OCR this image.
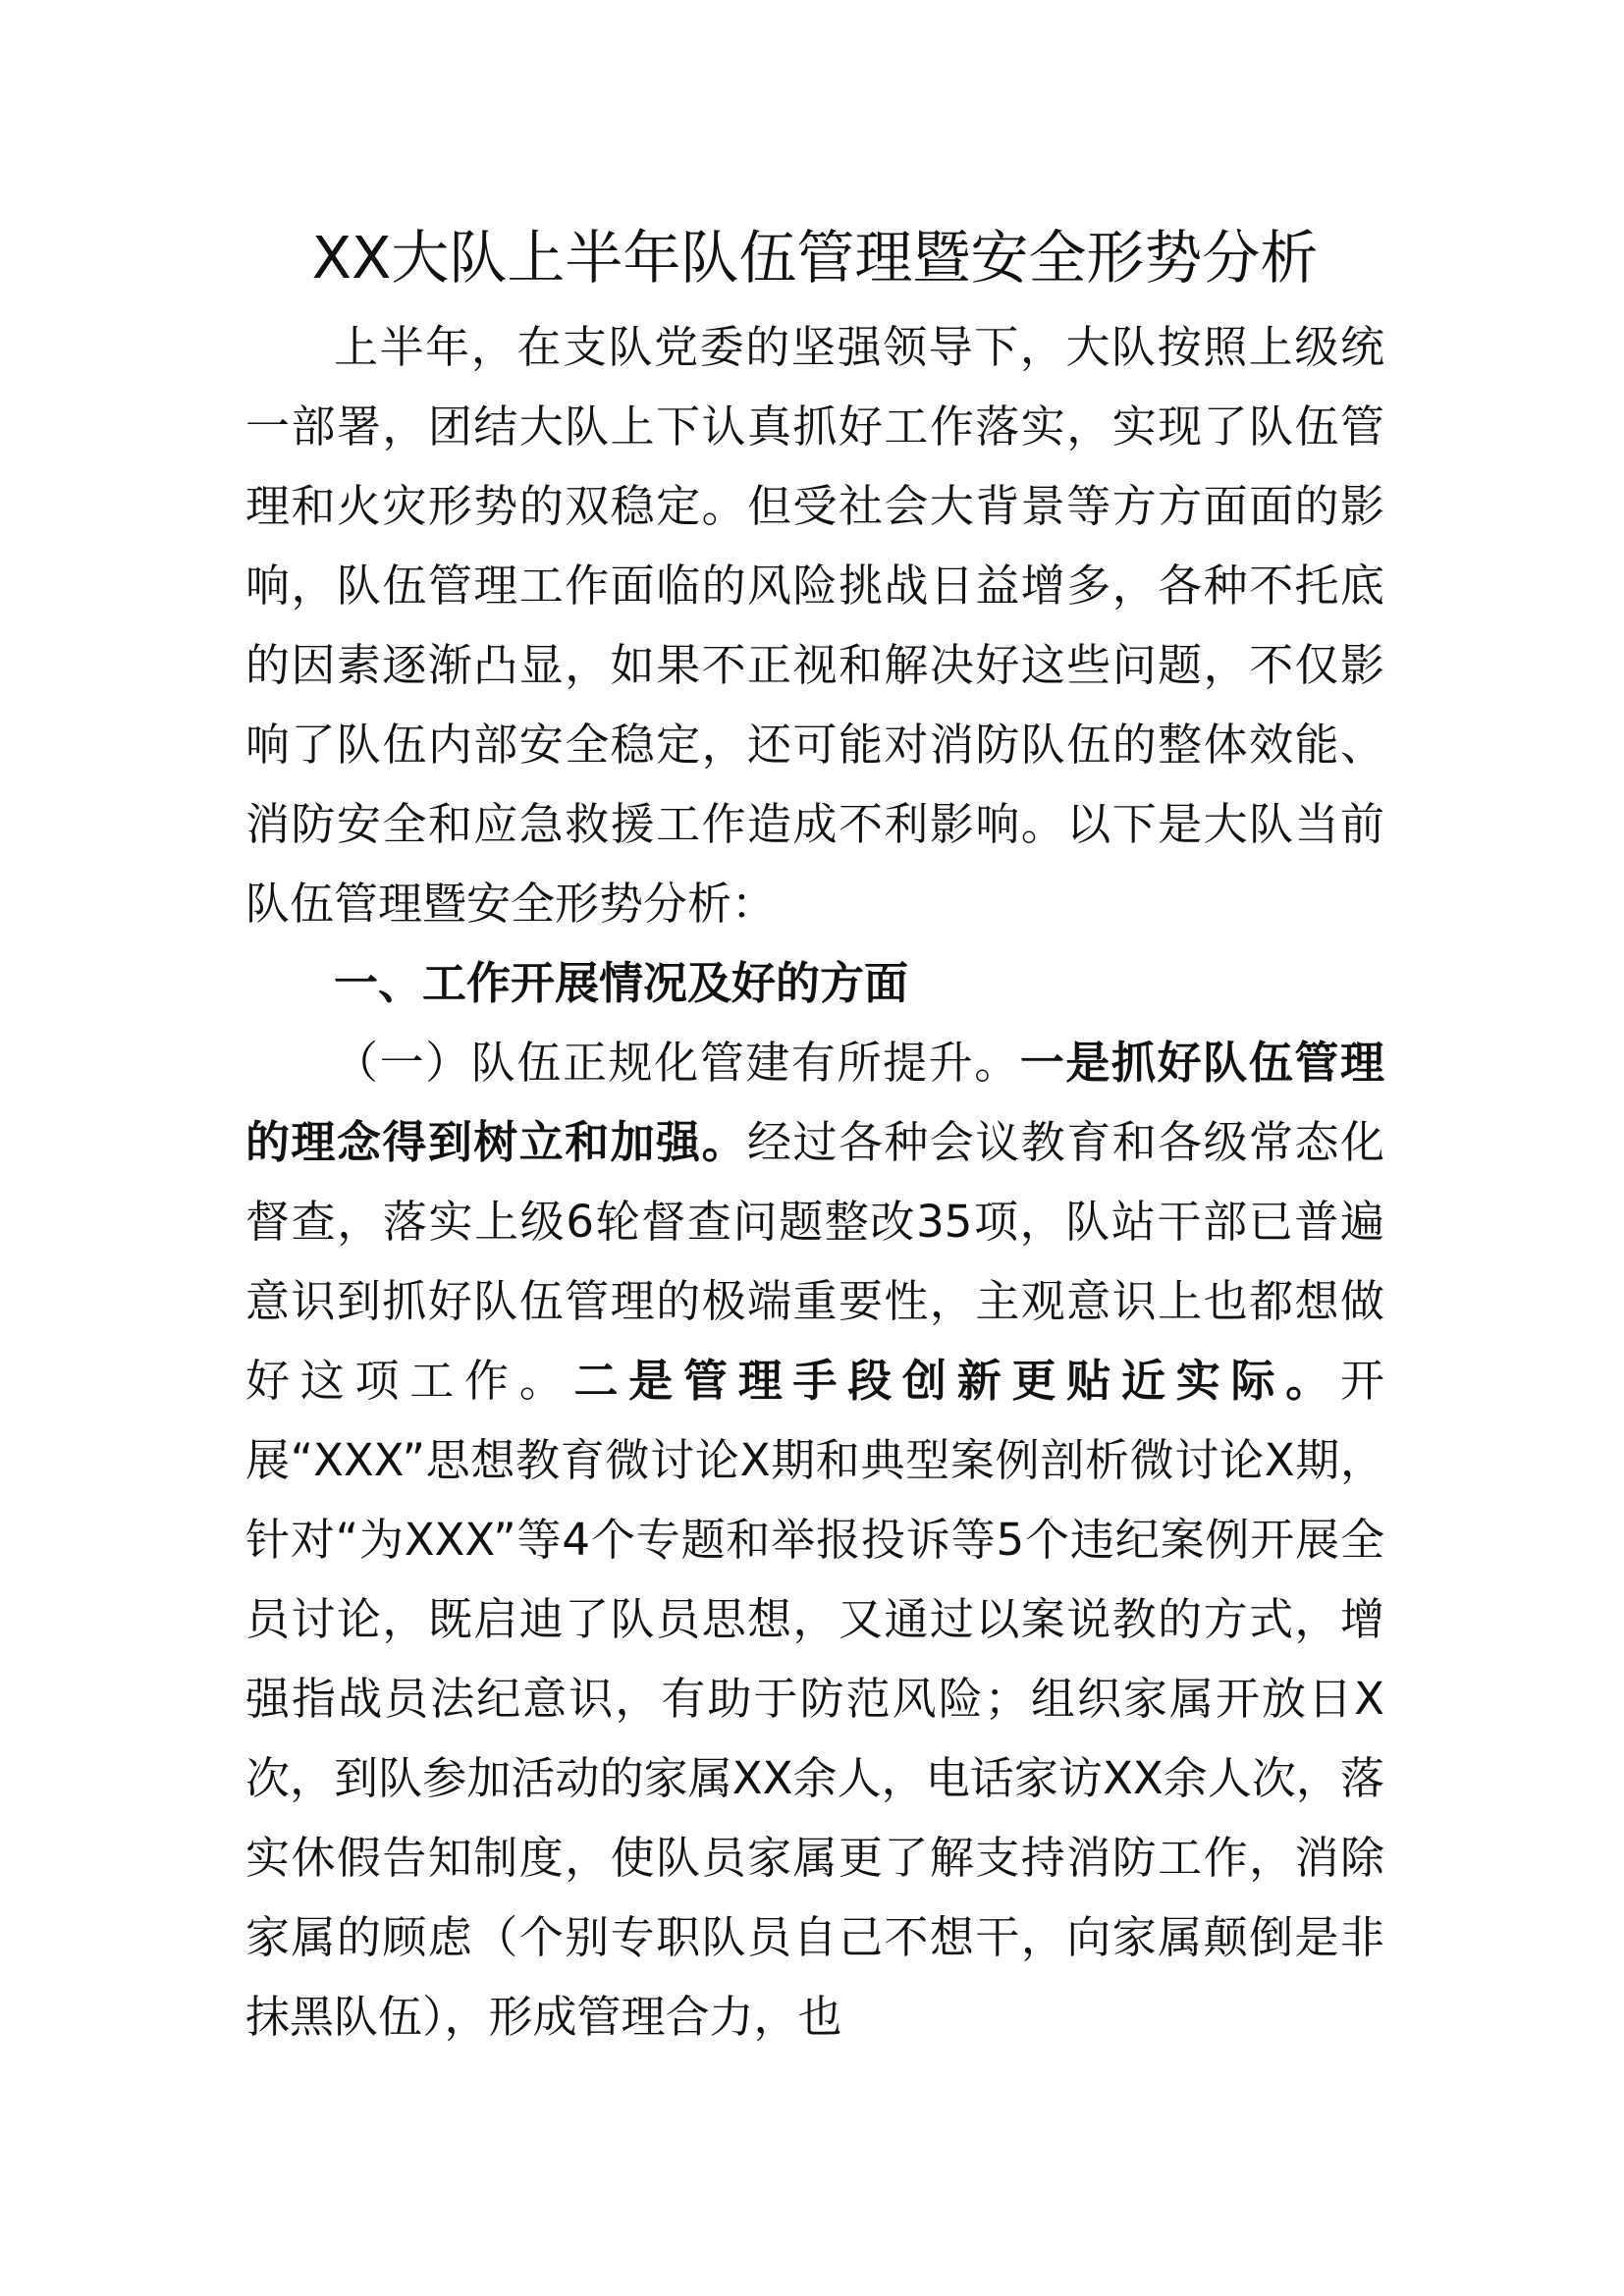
XX大队上半年队伍管理暨安全形势分析

上半年，在支队党委的坚强领导下，大队按照上级统一部署，团结大队上下认真抓好工作落实，实现了队伍管理和火灾形势的双稳定。但受社会大背景等方方面面的影响，队伍管理工作面临的风险挑战日益增多，各种不托底的因素逐渐凸显，如果不正视和解决好这些问题，不仅影响了队伍内部安全稳定，还可能对消防队伍的整体效能、消防安全和应急救援工作造成不利影响。以下是大队当前队伍管理暨安全形势分析：

一、工作开展情况及好的方面

（一）队伍正规化管建有所提升。一是抓好队伍管理的理念得到树立和加强。经过各种会议教育和各级常态化督查，落实上级6轮督查问题整改35项，队站干部已普遍意识到抓好队伍管理的极端重要性，主观意识上也都想做好这项工作。二是管理手段创新更贴近实际。开展“XXX”思想教育微讨论X期和典型案例剖析微讨论X期，针对“为XXX”等4个专题和举报投诉等5个违纪案例开展全员讨论，既启迪了队员思想，又通过以案说教的方式，增强指战员法纪意识，有助于防范风险；组织家属开放日X次，到队参加活动的家属XX余人，电话家访XX余人次，落实休假告知制度，使队员家属更了解支持消防工作，消除家属的顾虑（个别专职队员自己不想干，向家属颠倒是非抹黑队伍），形成管理合力，也
